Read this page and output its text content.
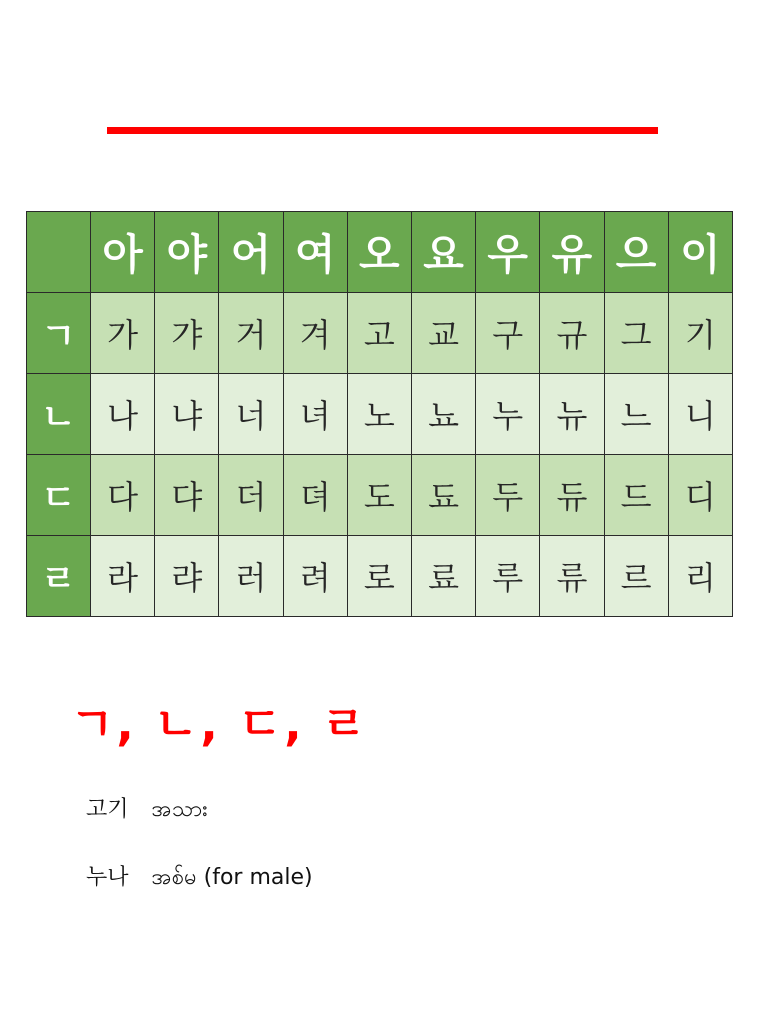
	아	야	어	여	오	요	우	유	으	이
ㄱ	가	갸	거	겨	고	교	구	규	그	기
ㄴ	나	냐	너	녀	노	뇨	누	뉴	느	니
ㄷ	다	댜	더	뎌	도	됴	두	듀	드	디
ㄹ	라	랴	러	려	로	료	루	류	르	리
ㄱ, ㄴ, ㄷ, ㄹ
고기 အသား
누나 အစ်မ (for male)
